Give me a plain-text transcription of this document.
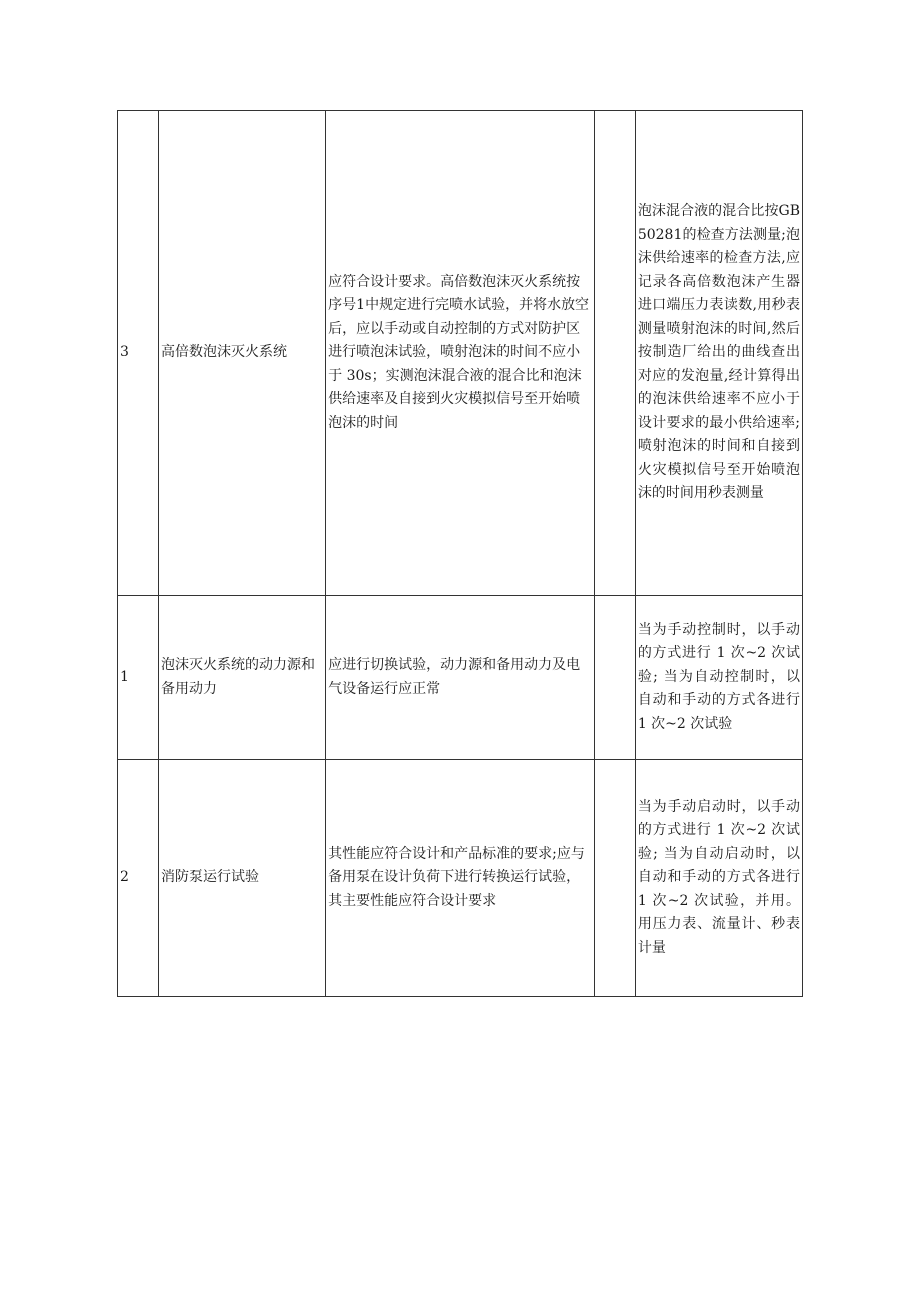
3	高倍数泡沫灭火系统	应符合设计要求。高倍数泡沫灭火系统按序号1中规定进行完喷水试验，并将水放空后，应以手动或自动控制的方式对防护区进行喷泡沫试验，喷射泡沫的时间不应小于 30s；实测泡沫混合液的混合比和泡沫供给速率及自接到火灾模拟信号至开始喷泡沫的时间		泡沫混合液的混合比按GB50281的检查方法测量;泡沫供给速率的检查方法,应记录各高倍数泡沫产生器进口端压力表读数,用秒表测量喷射泡沫的时间,然后按制造厂给出的曲线查出对应的发泡量,经计算得出的泡沫供给速率不应小于设计要求的最小供给速率;喷射泡沫的时间和自接到火灾模拟信号至开始喷泡沫的时间用秒表测量
1	泡沫灭火系统的动力源和备用动力	应进行切换试验，动力源和备用动力及电气设备运行应正常		当为手动控制时，以手动的方式进行 1 次~2 次试验; 当为自动控制时，以自动和手动的方式各进行 1 次~2 次试验
2	消防泵运行试验	其性能应符合设计和产品标准的要求;应与备用泵在设计负荷下进行转换运行试验，其主要性能应符合设计要求		当为手动启动时，以手动的方式进行 1 次~2 次试验; 当为自动启动时，以自动和手动的方式各进行 1 次~2 次试验，并用。用压力表、流量计、秒表计量
